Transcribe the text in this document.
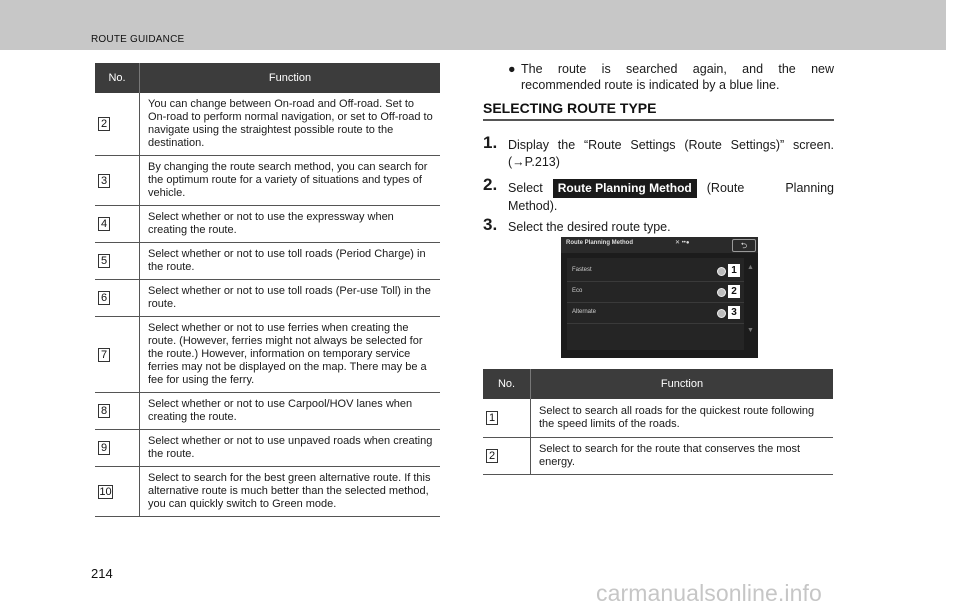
ROUTE GUIDANCE
No.	Function
2	You can change between On-road and Off-road. Set to On-road to perform normal navigation, or set to Off-road to navigate using the straightest possible route to the destination.
3	By changing the route search method, you can search for the optimum route for a variety of situations and types of vehicle.
4	Select whether or not to use the expressway when creating the route.
5	Select whether or not to use toll roads (Period Charge) in the route.
6	Select whether or not to use toll roads (Per-use Toll) in the route.
7	Select whether or not to use ferries when creating the route. (However, ferries might not always be selected for the route.) However, information on temporary service ferries may not be displayed on the map. There may be a fee for using the ferry.
8	Select whether or not to use Carpool/HOV lanes when creating the route.
9	Select whether or not to use unpaved roads when creating the route.
10	Select to search for the best green alternative route. If this alternative route is much better than the selected method, you can quickly switch to Green mode.
● The route is searched again, and the new recommended route is indicated by a blue line.
SELECTING ROUTE TYPE
1. Display the “Route Settings (Route Settings)” screen. (→P.213)
2. Select Route Planning Method (Route Planning Method).
3. Select the desired route type.
Route Planning Method	✕ ••●	⮌
Fastest	1
Eco	2
Alternate	3
▲
▼
No.	Function
1	Select to search all roads for the quickest route following the speed limits of the roads.
2	Select to search for the route that conserves the most energy.
214
carmanualsonline.info
